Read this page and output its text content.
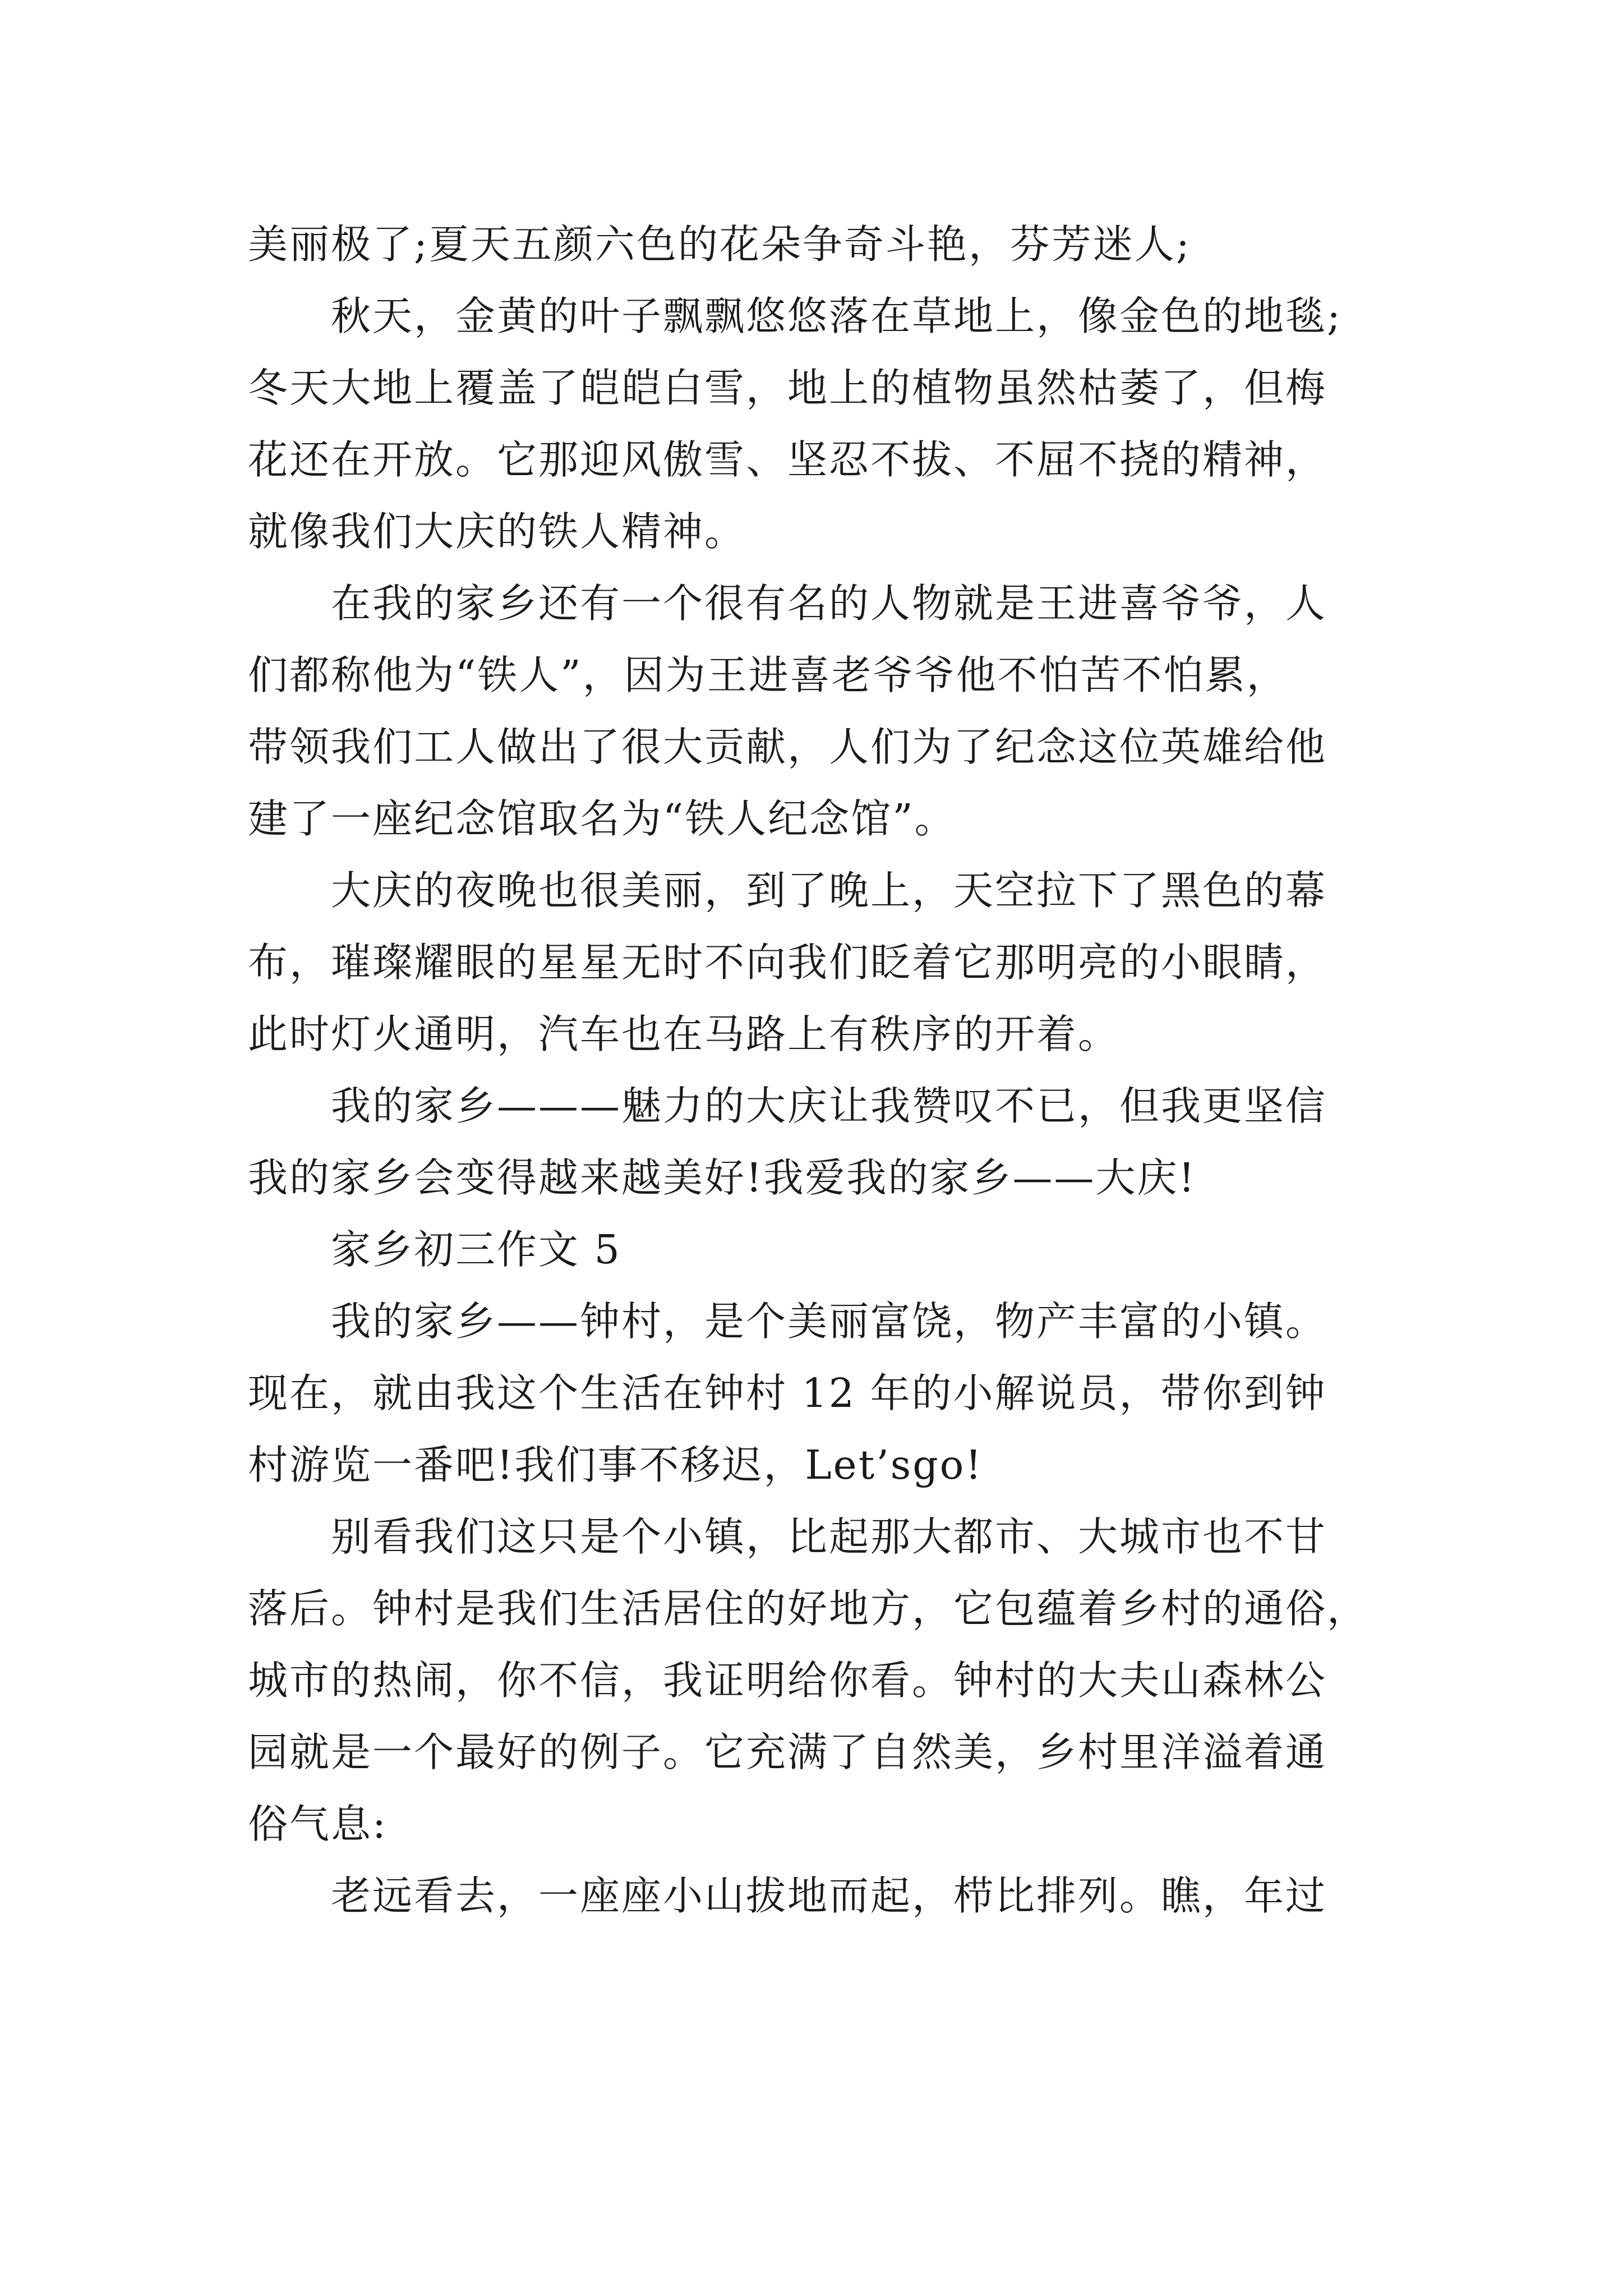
美丽极了;夏天五颜六色的花朵争奇斗艳，芬芳迷人;
秋天，金黄的叶子飘飘悠悠落在草地上，像金色的地毯;
冬天大地上覆盖了皑皑白雪，地上的植物虽然枯萎了，但梅
花还在开放。它那迎风傲雪、坚忍不拔、不屈不挠的精神，
就像我们大庆的铁人精神。
在我的家乡还有一个很有名的人物就是王进喜爷爷，人
们都称他为“铁人”，因为王进喜老爷爷他不怕苦不怕累，
带领我们工人做出了很大贡献，人们为了纪念这位英雄给他
建了一座纪念馆取名为“铁人纪念馆”。
大庆的夜晚也很美丽，到了晚上，天空拉下了黑色的幕
布，璀璨耀眼的星星无时不向我们眨着它那明亮的小眼睛，
此时灯火通明，汽车也在马路上有秩序的开着。
我的家乡———魅力的大庆让我赞叹不已，但我更坚信
我的家乡会变得越来越美好!我爱我的家乡——大庆!
家乡初三作文 5
我的家乡——钟村，是个美丽富饶，物产丰富的小镇。
现在，就由我这个生活在钟村 12 年的小解说员，带你到钟
村游览一番吧!我们事不移迟，Let’sgo!
别看我们这只是个小镇，比起那大都市、大城市也不甘
落后。钟村是我们生活居住的好地方，它包蕴着乡村的通俗，
城市的热闹，你不信，我证明给你看。钟村的大夫山森林公
园就是一个最好的例子。它充满了自然美，乡村里洋溢着通
俗气息:
老远看去，一座座小山拔地而起，栉比排列。瞧，年过
